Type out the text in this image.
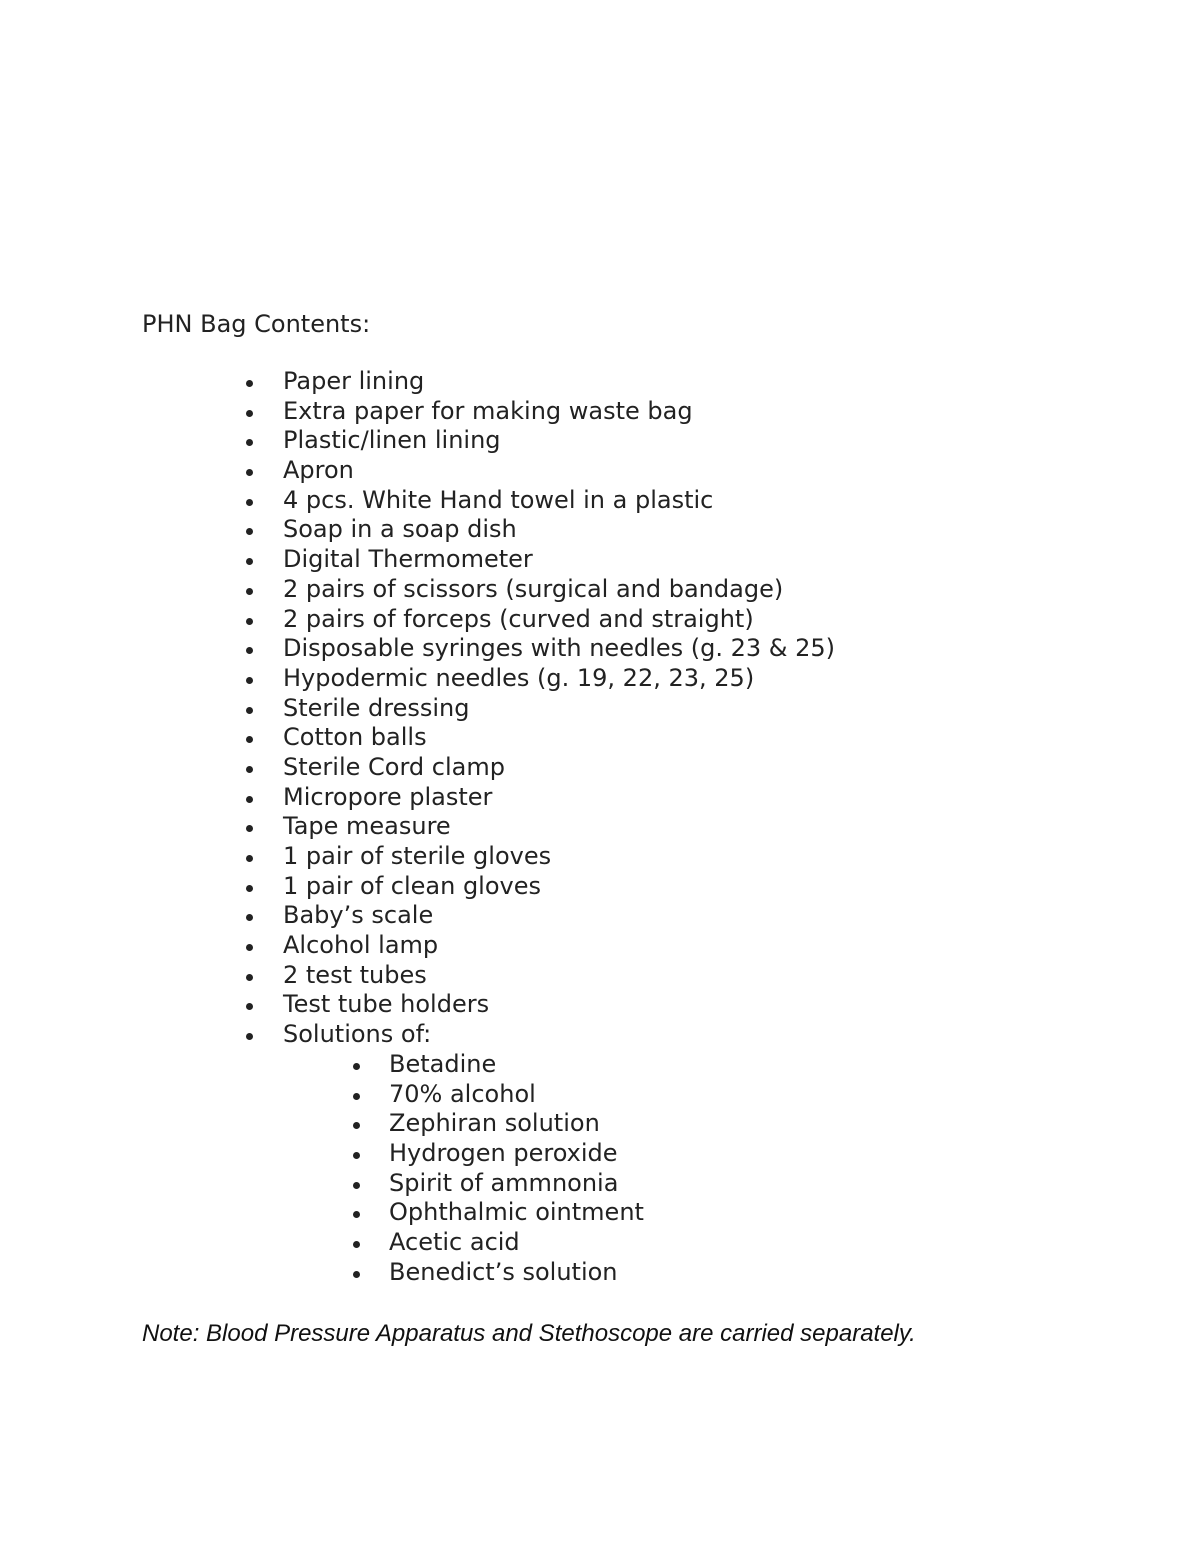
PHN Bag Contents:

Paper lining
Extra paper for making waste bag
Plastic/linen lining
Apron
4 pcs. White Hand towel in a plastic
Soap in a soap dish
Digital Thermometer
2 pairs of scissors (surgical and bandage)
2 pairs of forceps (curved and straight)
Disposable syringes with needles (g. 23 & 25)
Hypodermic needles (g. 19, 22, 23, 25)
Sterile dressing
Cotton balls
Sterile Cord clamp
Micropore plaster
Tape measure
1 pair of sterile gloves
1 pair of clean gloves
Baby’s scale
Alcohol lamp
2 test tubes
Test tube holders
Solutions of:
Betadine
70% alcohol
Zephiran solution
Hydrogen peroxide
Spirit of ammnonia
Ophthalmic ointment
Acetic acid
Benedict’s solution

Note: Blood Pressure Apparatus and Stethoscope are carried separately.
